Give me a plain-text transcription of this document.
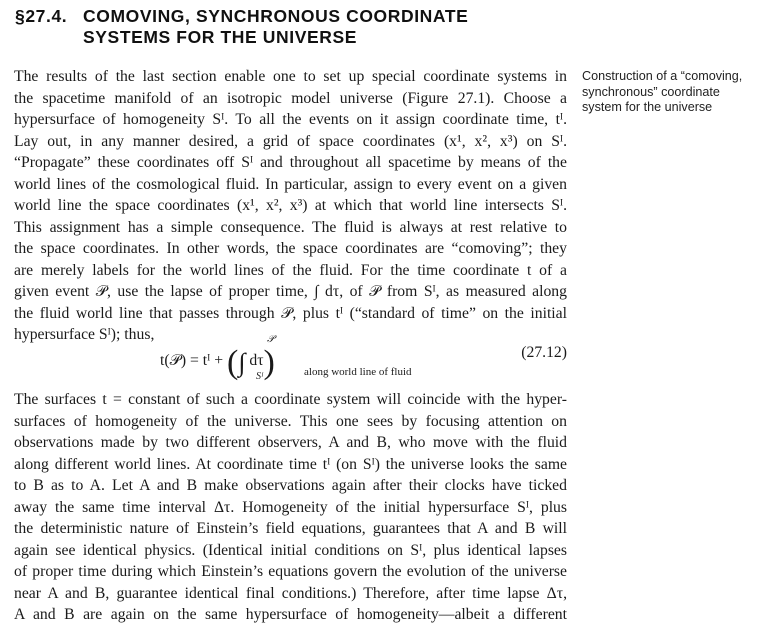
§27.4. COMOVING, SYNCHRONOUS COORDINATE
SYSTEMS FOR THE UNIVERSE
Construction of a “comoving,
synchronous” coordinate
system for the universe
The results of the last section enable one to set up special coordinate systems in
the spacetime manifold of an isotropic model universe (Figure 27.1). Choose a
hypersurface of homogeneity Sᴵ. To all the events on it assign coordinate time, tᴵ.
Lay out, in any manner desired, a grid of space coordinates (x¹, x², x³) on Sᴵ.
“Propagate” these coordinates off Sᴵ and throughout all spacetime by means of the
world lines of the cosmological fluid. In particular, assign to every event on a given
world line the space coordinates (x¹, x², x³) at which that world line intersects Sᴵ.
This assignment has a simple consequence. The fluid is always at rest relative to
the space coordinates. In other words, the space coordinates are “comoving”; they
are merely labels for the world lines of the fluid. For the time coordinate t of a
given event 𝒫, use the lapse of proper time, ∫ dτ, of 𝒫 from Sᴵ, as measured along
the fluid world line that passes through 𝒫, plus tᴵ (“standard of time” on the initial
hypersurface Sᴵ); thus,
t(𝒫) = tᴵ + (∫ dτ)
𝒫
Sᴵ	along world line of fluid
(27.12)
The surfaces t = constant of such a coordinate system will coincide with the hyper-
surfaces of homogeneity of the universe. This one sees by focusing attention on
observations made by two different observers, A and B, who move with the fluid
along different world lines. At coordinate time tᴵ (on Sᴵ) the universe looks the same
to B as to A. Let A and B make observations again after their clocks have ticked
away the same time interval Δτ. Homogeneity of the initial hypersurface Sᴵ, plus
the deterministic nature of Einstein’s field equations, guarantees that A and B will
again see identical physics. (Identical initial conditions on Sᴵ, plus identical lapses
of proper time during which Einstein’s equations govern the evolution of the universe
near A and B, guarantee identical final conditions.) Therefore, after time lapse Δτ,
A and B are again on the same hypersurface of homogeneity—albeit a different
